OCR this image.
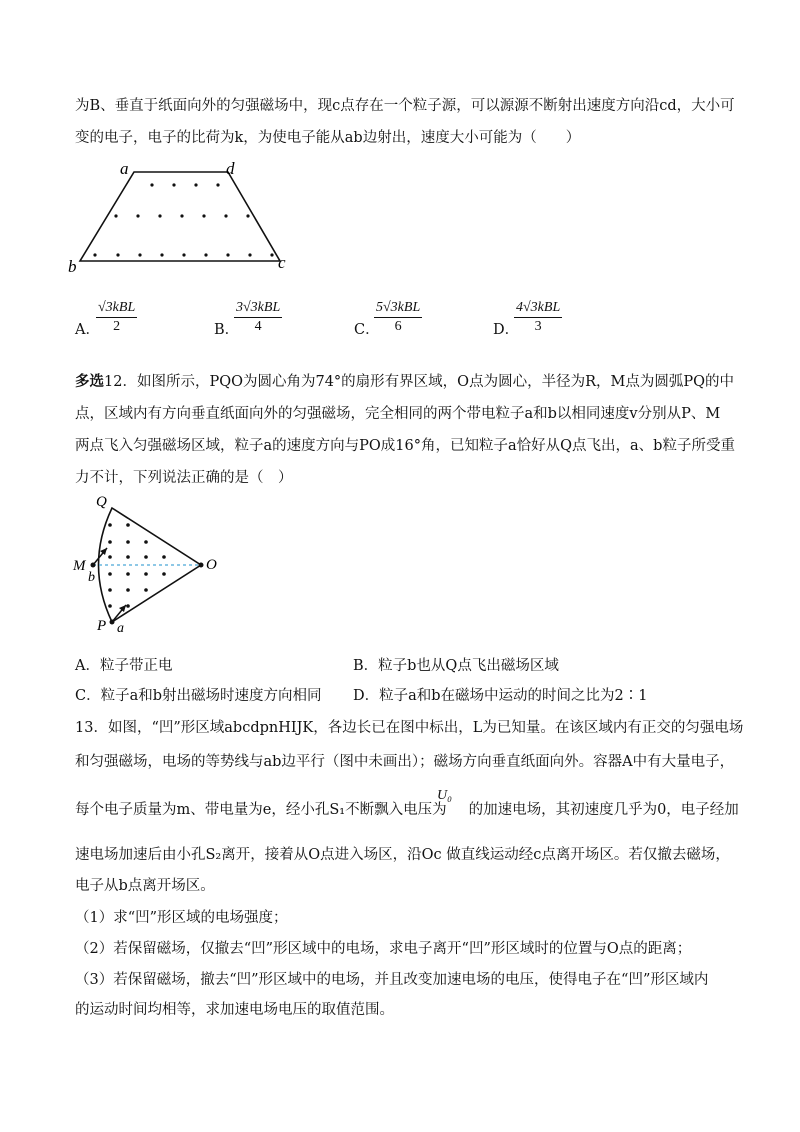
为B、垂直于纸面向外的匀强磁场中，现c点存在一个粒子源，可以源源不断射出速度方向沿cd，大小可
变的电子，电子的比荷为k，为使电子能从ab边射出，速度大小可能为（　　）
a	d
b	c
A．
√3kBL
2	B．
3√3kBL
4	C．
5√3kBL
6	D．
4√3kBL
3
多选12．如图所示，PQO为圆心角为74°的扇形有界区域，O点为圆心，半径为R，M点为圆弧PQ的中
点，区域内有方向垂直纸面向外的匀强磁场，完全相同的两个带电粒子a和b以相同速度v分别从P、M
两点飞入匀强磁场区域，粒子a的速度方向与PO成16°角，已知粒子a恰好从Q点飞出，a、b粒子所受重
力不计，下列说法正确的是（　）
Q
M
b
O
P a
A．粒子带正电	B．粒子b也从Q点飞出磁场区域
C．粒子a和b射出磁场时速度方向相同 D．粒子a和b在磁场中运动的时间之比为2∶1
13．如图，“凹”形区域abcdpnHIJK，各边长已在图中标出，L为已知量。在该区域内有正交的匀强电场
和匀强磁场，电场的等势线与ab边平行（图中未画出）；磁场方向垂直纸面向外。容器A中有大量电子，
U₀
每个电子质量为m、带电量为e，经小孔S₁不断飘入电压为 的加速电场，其初速度几乎为0，电子经加
速电场加速后由小孔S₂离开，接着从O点进入场区，沿Oc 做直线运动经c点离开场区。若仅撤去磁场，
电子从b点离开场区。
（1）求“凹”形区域的电场强度；
（2）若保留磁场，仅撤去“凹”形区域中的电场，求电子离开“凹”形区域时的位置与O点的距离；
（3）若保留磁场，撤去“凹”形区域中的电场，并且改变加速电场的电压，使得电子在“凹”形区域内
的运动时间均相等，求加速电场电压的取值范围。
